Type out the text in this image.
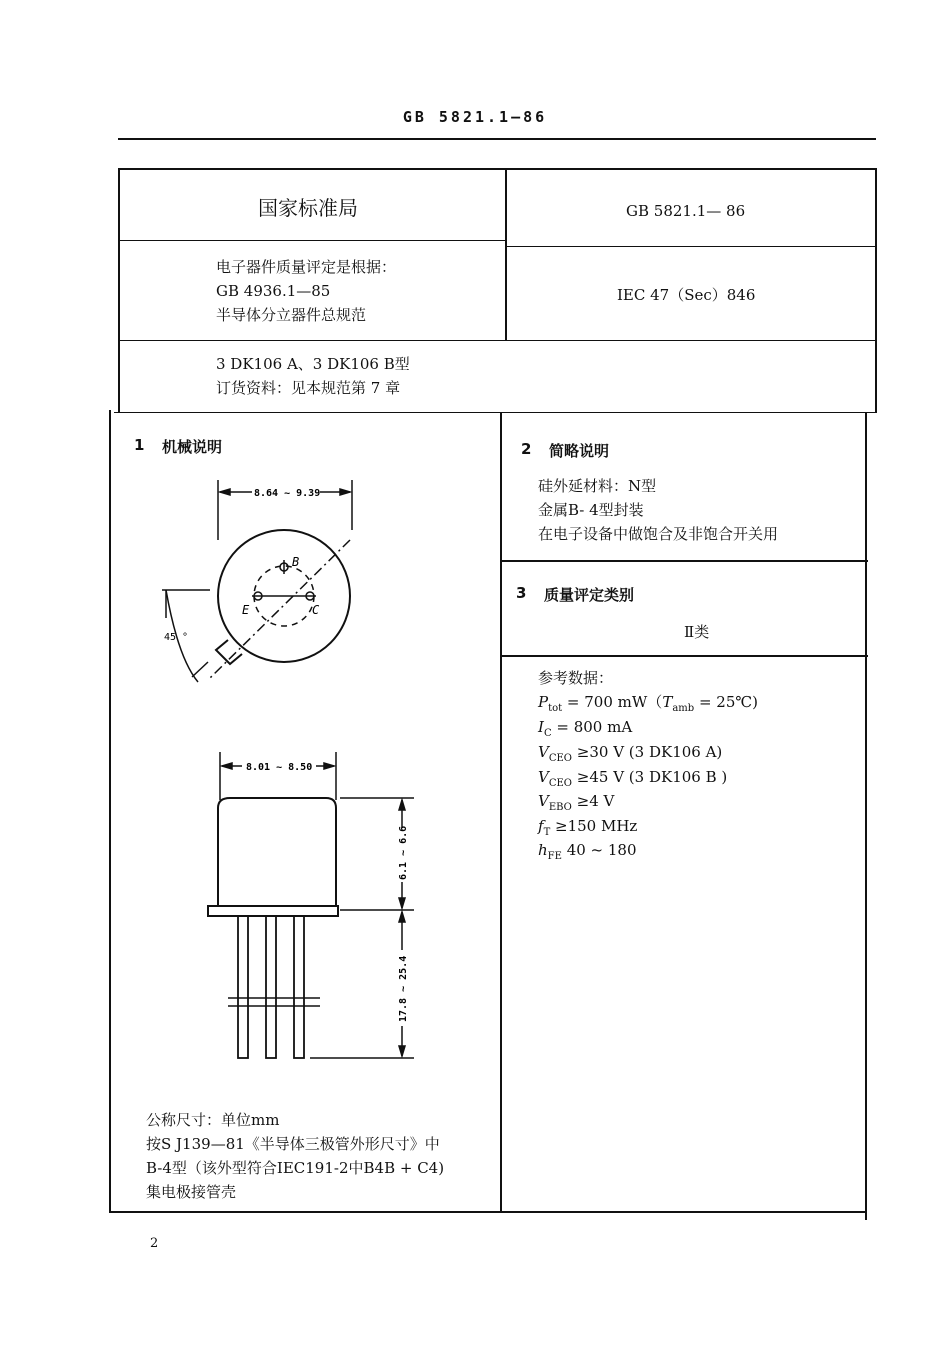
GB 5821.1—86
国家标准局	GB 5821.1— 86
电子器件质量评定是根据：
GB 4936.1—85
半导体分立器件总规范
IEC 47（Sec）846
3 DK106 A、3 DK106 B型
订货资料：见本规范第 7 章
1 机械说明
8.64 ~ 9.39
8.01 ~ 8.50
45 °
B
E	C
6.1 ~ 6.6
17.8 ~ 25.4
公称尺寸：单位mm
按S J139—81《半导体三极管外形尺寸》中
B-4型（该外型符合IEC191-2中B4B + C4)
集电极接管壳
2 简略说明
硅外延材料：N型
金属B- 4型封装
在电子设备中做饱合及非饱合开关用
3 质量评定类别
Ⅱ类
参考数据：
$P_{tot} = 700$ $mW(T_{amb}$ = 25℃)
$I_C = 800$ mA
$V_{CEO} \ge 30$ V (3 DK106 A)
$V_{CEO} \ge 45$ V (3 DK106 B )
$V_{EBO} \ge 4$ V
$f_T \ge 150$ MHz
$h_{FE}$ 40 ~ 180
2
